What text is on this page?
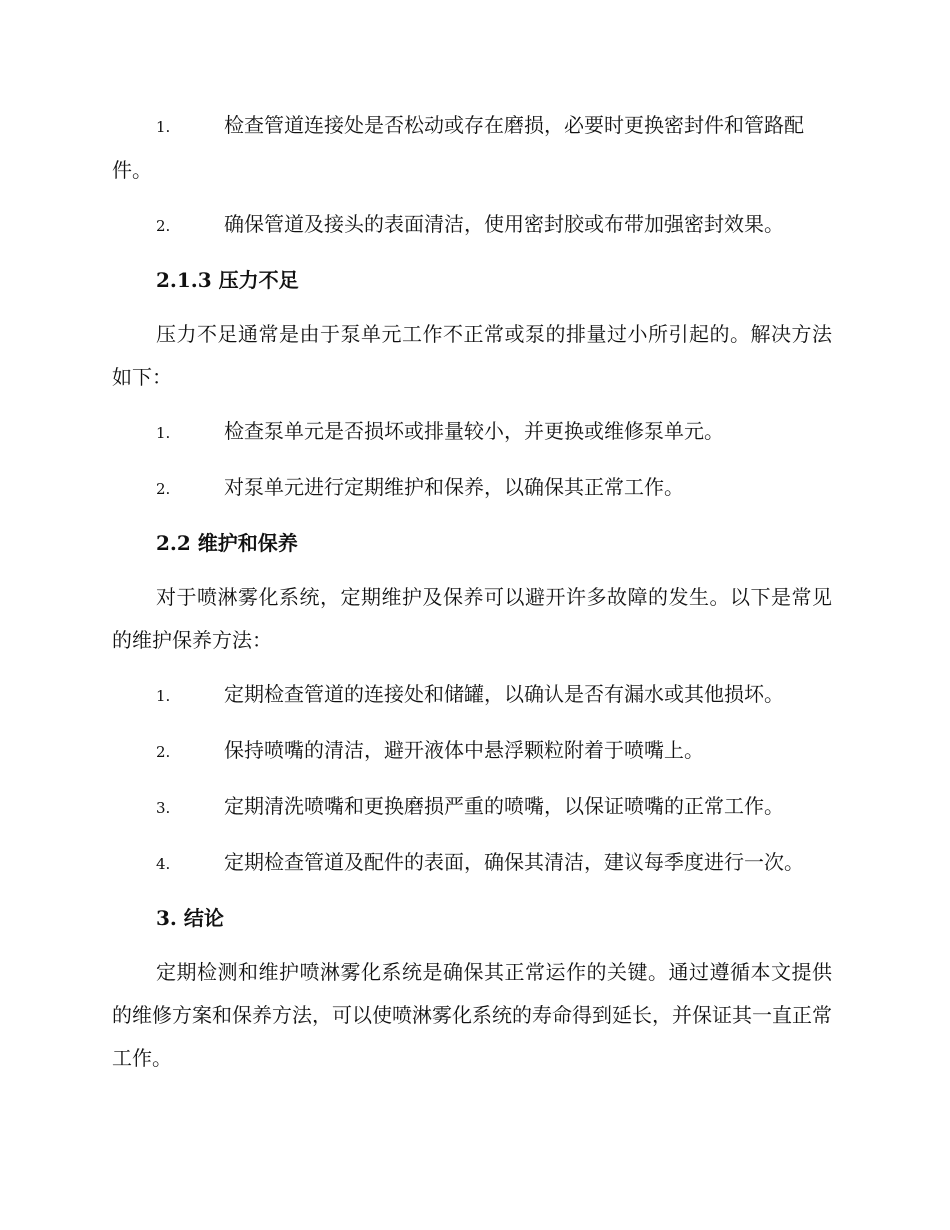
1.	检查管道连接处是否松动或存在磨损，必要时更换密封件和管路配件。
2.	确保管道及接头的表面清洁，使用密封胶或布带加强密封效果。
2.1.3 压力不足
压力不足通常是由于泵单元工作不正常或泵的排量过小所引起的。解决方法如下：
1.	检查泵单元是否损坏或排量较小，并更换或维修泵单元。
2.	对泵单元进行定期维护和保养，以确保其正常工作。
2.2 维护和保养
对于喷淋雾化系统，定期维护及保养可以避开许多故障的发生。以下是常见的维护保养方法：
1.	定期检查管道的连接处和储罐，以确认是否有漏水或其他损坏。
2.	保持喷嘴的清洁，避开液体中悬浮颗粒附着于喷嘴上。
3.	定期清洗喷嘴和更换磨损严重的喷嘴，以保证喷嘴的正常工作。
4.	定期检查管道及配件的表面，确保其清洁，建议每季度进行一次。
3. 结论
定期检测和维护喷淋雾化系统是确保其正常运作的关键。通过遵循本文提供的维修方案和保养方法，可以使喷淋雾化系统的寿命得到延长，并保证其一直正常工作。
